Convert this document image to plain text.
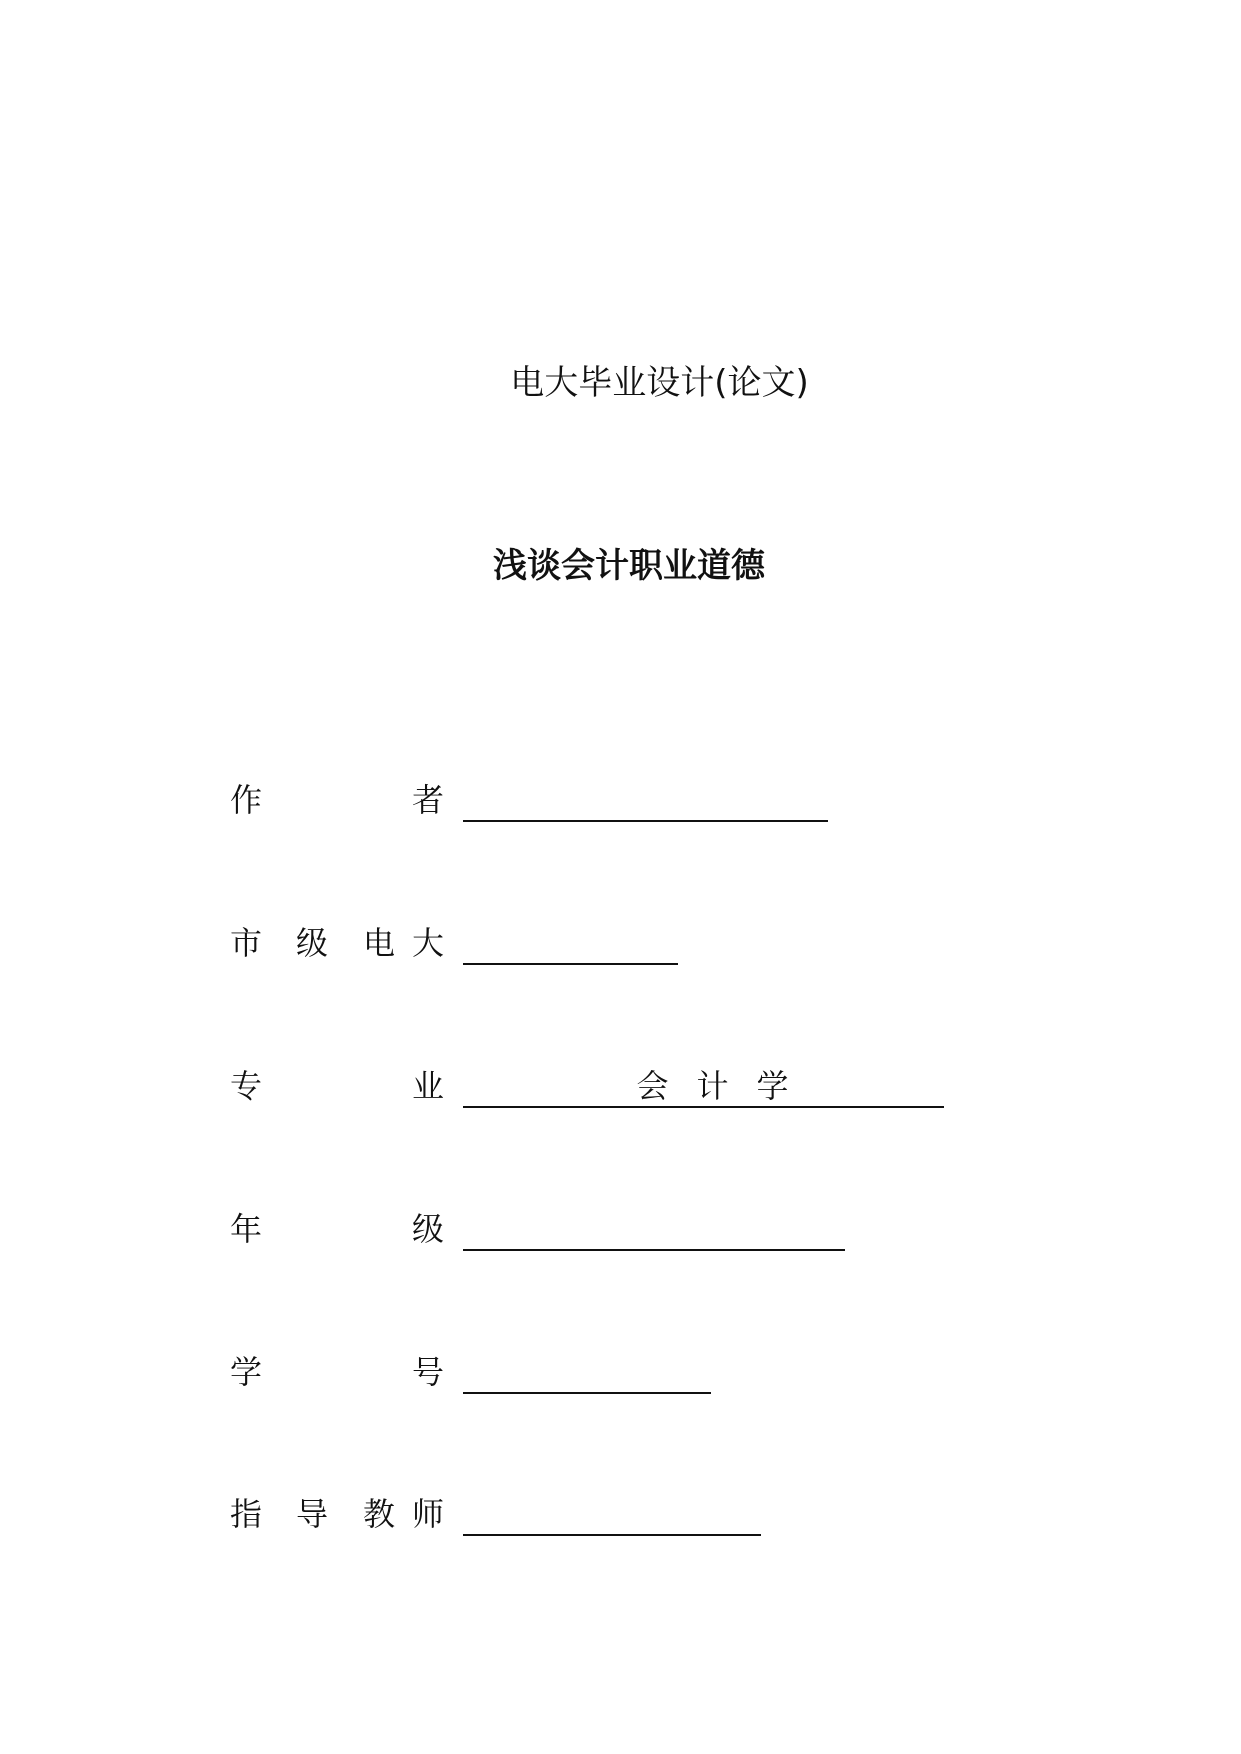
电大毕业设计(论文)
浅谈会计职业道德
作	者
市 级 电 大
专	业	会计学
年	级
学	号
指 导 教 师
